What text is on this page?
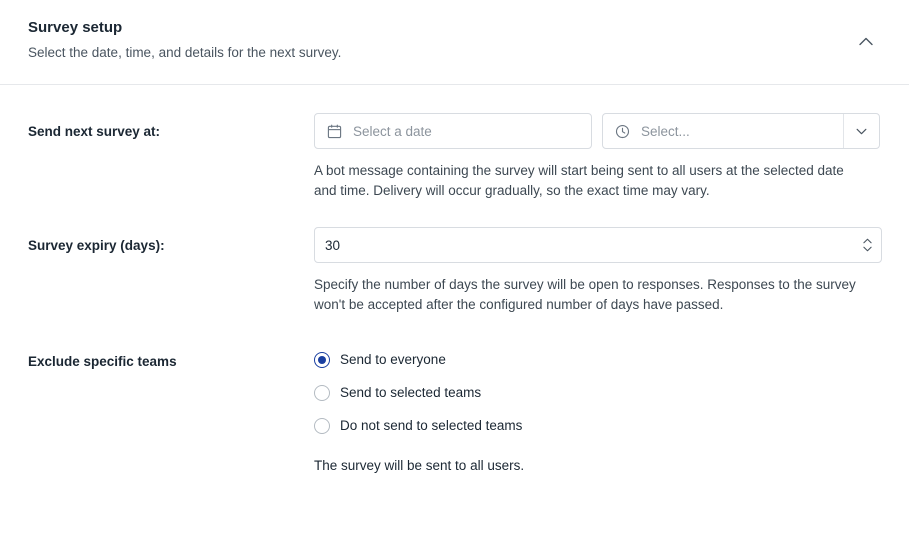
Survey setup
Select the date, time, and details for the next survey.
Send next survey at:	Select a date	Select...
A bot message containing the survey will start being sent to all users at the selected date and time. Delivery will occur gradually, so the exact time may vary.
Survey expiry (days):	30
Specify the number of days the survey will be open to responses. Responses to the survey won't be accepted after the configured number of days have passed.
Exclude specific teams	Send to everyone
Send to selected teams
Do not send to selected teams
The survey will be sent to all users.
